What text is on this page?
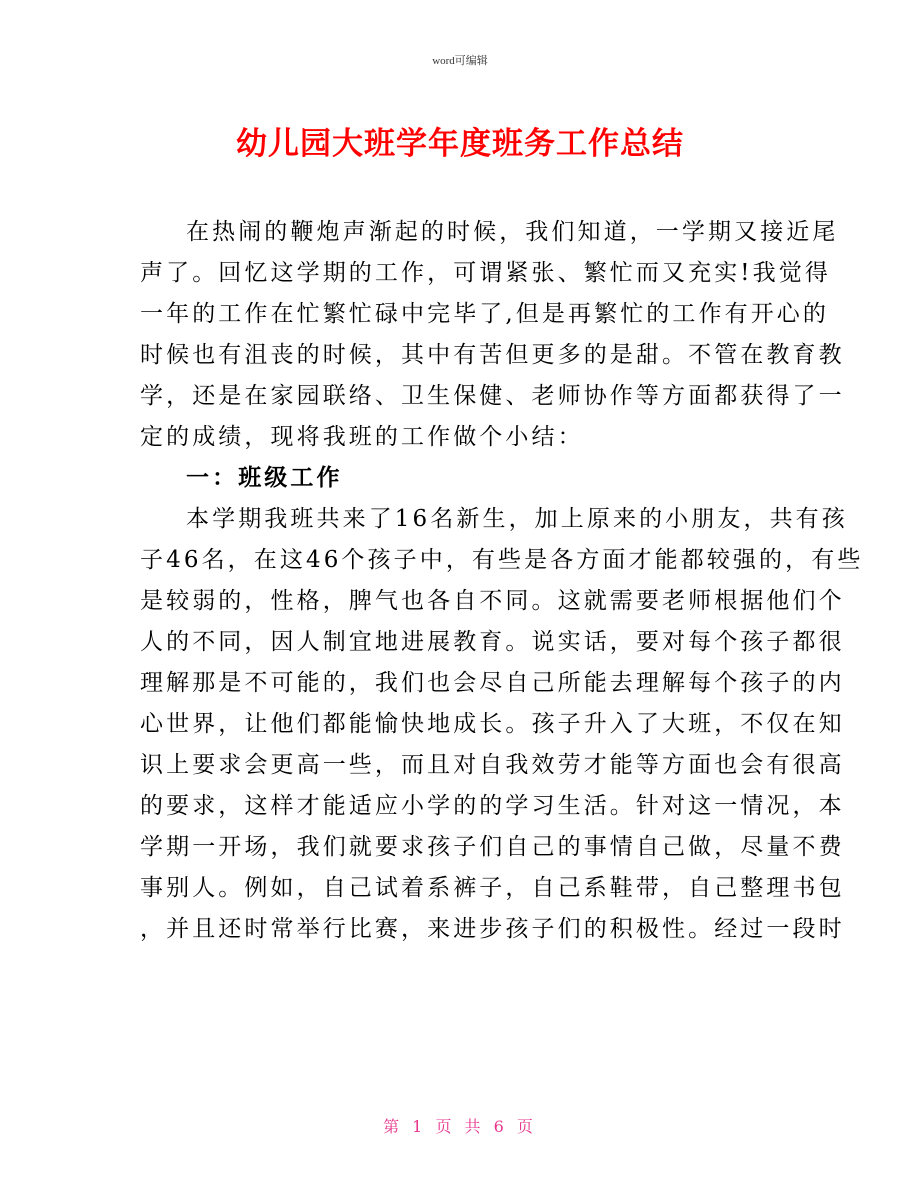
word可编辑
幼儿园大班学年度班务工作总结
在热闹的鞭炮声渐起的时候，我们知道，一学期又接近尾
声了。回忆这学期的工作，可谓紧张、繁忙而又充实!我觉得
一年的工作在忙繁忙碌中完毕了,但是再繁忙的工作有开心的
时候也有沮丧的时候，其中有苦但更多的是甜。不管在教育教
学，还是在家园联络、卫生保健、老师协作等方面都获得了一
定的成绩，现将我班的工作做个小结：
一：班级工作
本学期我班共来了16名新生，加上原来的小朋友，共有孩
子46名，在这46个孩子中，有些是各方面才能都较强的，有些
是较弱的，性格，脾气也各自不同。这就需要老师根据他们个
人的不同，因人制宜地进展教育。说实话，要对每个孩子都很
理解那是不可能的，我们也会尽自己所能去理解每个孩子的内
心世界，让他们都能愉快地成长。孩子升入了大班，不仅在知
识上要求会更高一些，而且对自我效劳才能等方面也会有很高
的要求，这样才能适应小学的的学习生活。针对这一情况，本
学期一开场，我们就要求孩子们自己的事情自己做，尽量不费
事别人。例如，自己试着系裤子，自己系鞋带，自己整理书包
，并且还时常举行比赛，来进步孩子们的积极性。经过一段时
第 1 页 共 6 页
